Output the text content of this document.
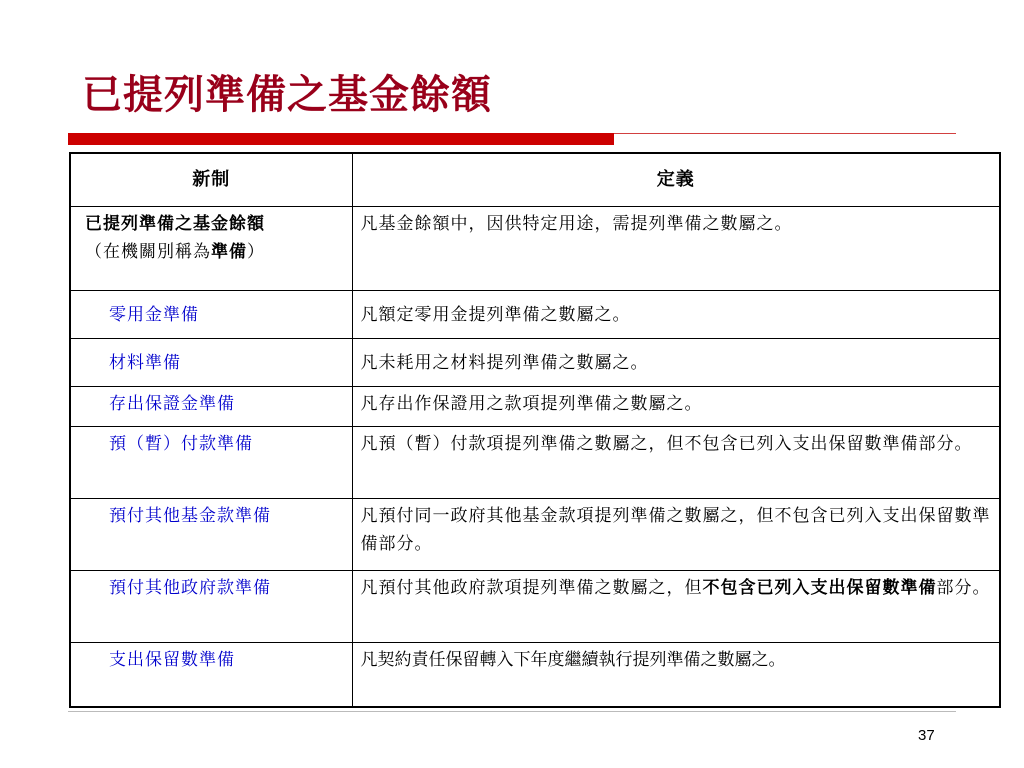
已提列準備之基金餘額
新制	定義
已提列準備之基金餘額
（在機關別稱為準備）	凡基金餘額中，因供特定用途，需提列準備之數屬之。
零用金準備	凡額定零用金提列準備之數屬之。
材料準備	凡未耗用之材料提列準備之數屬之。
存出保證金準備	凡存出作保證用之款項提列準備之數屬之。
預（暫）付款準備	凡預（暫）付款項提列準備之數屬之，但不包含已列入支出保留數準備部分。
預付其他基金款準備	凡預付同一政府其他基金款項提列準備之數屬之，但不包含已列入支出保留數準備部分。
預付其他政府款準備	凡預付其他政府款項提列準備之數屬之，但不包含已列入支出保留數準備部分。
支出保留數準備	凡契約責任保留轉入下年度繼續執行提列準備之數屬之。
37
